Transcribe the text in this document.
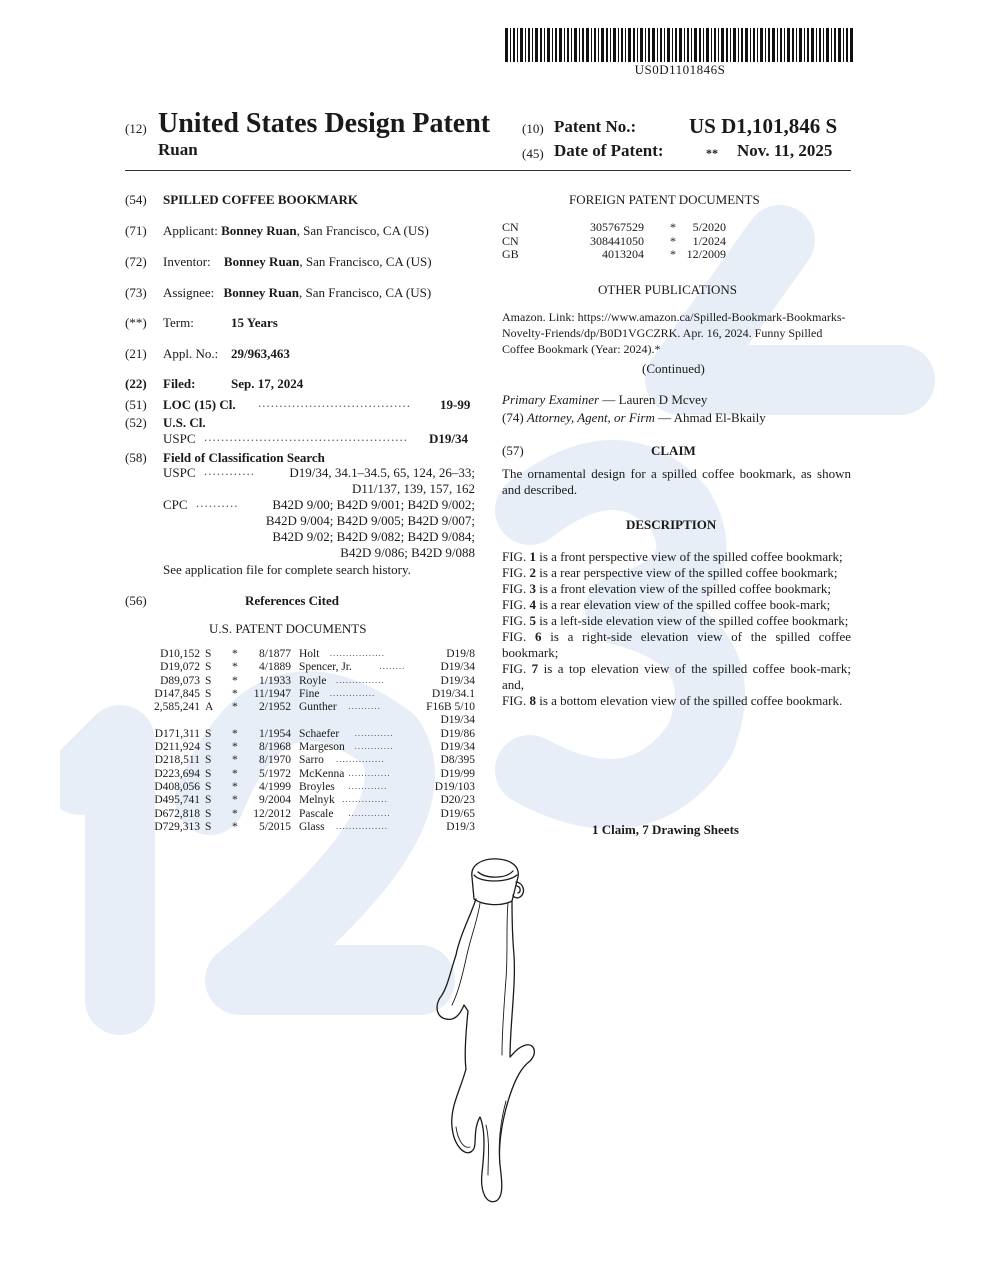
US0D1101846S
(12) United States Design Patent
Ruan
(10) Patent No.:	US D1,101,846 S
(45) Date of Patent:	** Nov. 11, 2025
(54) SPILLED COFFEE BOOKMARK
(71) Applicant: Bonney Ruan, San Francisco, CA (US)
(72) Inventor: Bonney Ruan, San Francisco, CA (US)
(73) Assignee: Bonney Ruan, San Francisco, CA (US)
(**) Term:	15 Years
(21) Appl. No.: 29/963,463
(22) Filed:	Sep. 17, 2024
(51) LOC (15) Cl. .................................... 19-99
(52) U.S. Cl.
USPC ................................................ D19/34
(58) Field of Classification Search
USPC ............	D19/34, 34.1–34.5, 65, 124, 26–33;
D11/137, 139, 157, 162
CPC ..........	B42D 9/00; B42D 9/001; B42D 9/002;
B42D 9/004; B42D 9/005; B42D 9/007;
B42D 9/02; B42D 9/082; B42D 9/084;
B42D 9/086; B42D 9/088
See application file for complete search history.
(56)	References Cited
U.S. PATENT DOCUMENTS
D10,152 S *	8/1877 Holt	D19/8
.................
D19,072 S *	4/1889 Spencer, Jr.	D19/34
........
D89,073 S *	1/1933 Royle	D19/34
...............
D147,845 S *	11/1947 Fine	D19/34.1
..............
2,585,241 A *	2/1952 Gunther	F16B 5/10
..........
D19/34
D171,311 S *	1/1954 Schaefer	D19/86
............
D211,924 S *	8/1968 Margeson	D19/34
............
D218,511 S *	8/1970 Sarro	D8/395
...............
D223,694 S *	5/1972 McKenna	D19/99
.............
D408,056 S *	4/1999 Broyles	D19/103
............
D495,741 S *	9/2004 Melnyk	D20/23
..............
D672,818 S *	12/2012 Pascale	D19/65
.............
D729,313 S *	5/2015 Glass	D19/3
................
FOREIGN PATENT DOCUMENTS
CN	305767529 * 5/2020
CN	308441050 * 1/2024
GB	4013204 * 12/2009
OTHER PUBLICATIONS
Amazon. Link: https://www.amazon.ca/Spilled-Bookmark-Bookmarks-
Novelty-Friends/dp/B0D1VGCZRK. Apr. 16, 2024. Funny Spilled
Coffee Bookmark (Year: 2024).*
(Continued)
Primary Examiner — Lauren D Mcvey
(74) Attorney, Agent, or Firm — Ahmad El-Bkaily
(57)	CLAIM
The ornamental design for a spilled coffee bookmark, as shown and described.
DESCRIPTION
FIG. 1 is a front perspective view of the spilled coffee bookmark;
FIG. 2 is a rear perspective view of the spilled coffee bookmark;
FIG. 3 is a front elevation view of the spilled coffee bookmark;
FIG. 4 is a rear elevation view of the spilled coffee book-mark;
FIG. 5 is a left-side elevation view of the spilled coffee bookmark;
FIG. 6 is a right-side elevation view of the spilled coffee bookmark;
FIG. 7 is a top elevation view of the spilled coffee book-mark; and,
FIG. 8 is a bottom elevation view of the spilled coffee bookmark.
1 Claim, 7 Drawing Sheets
